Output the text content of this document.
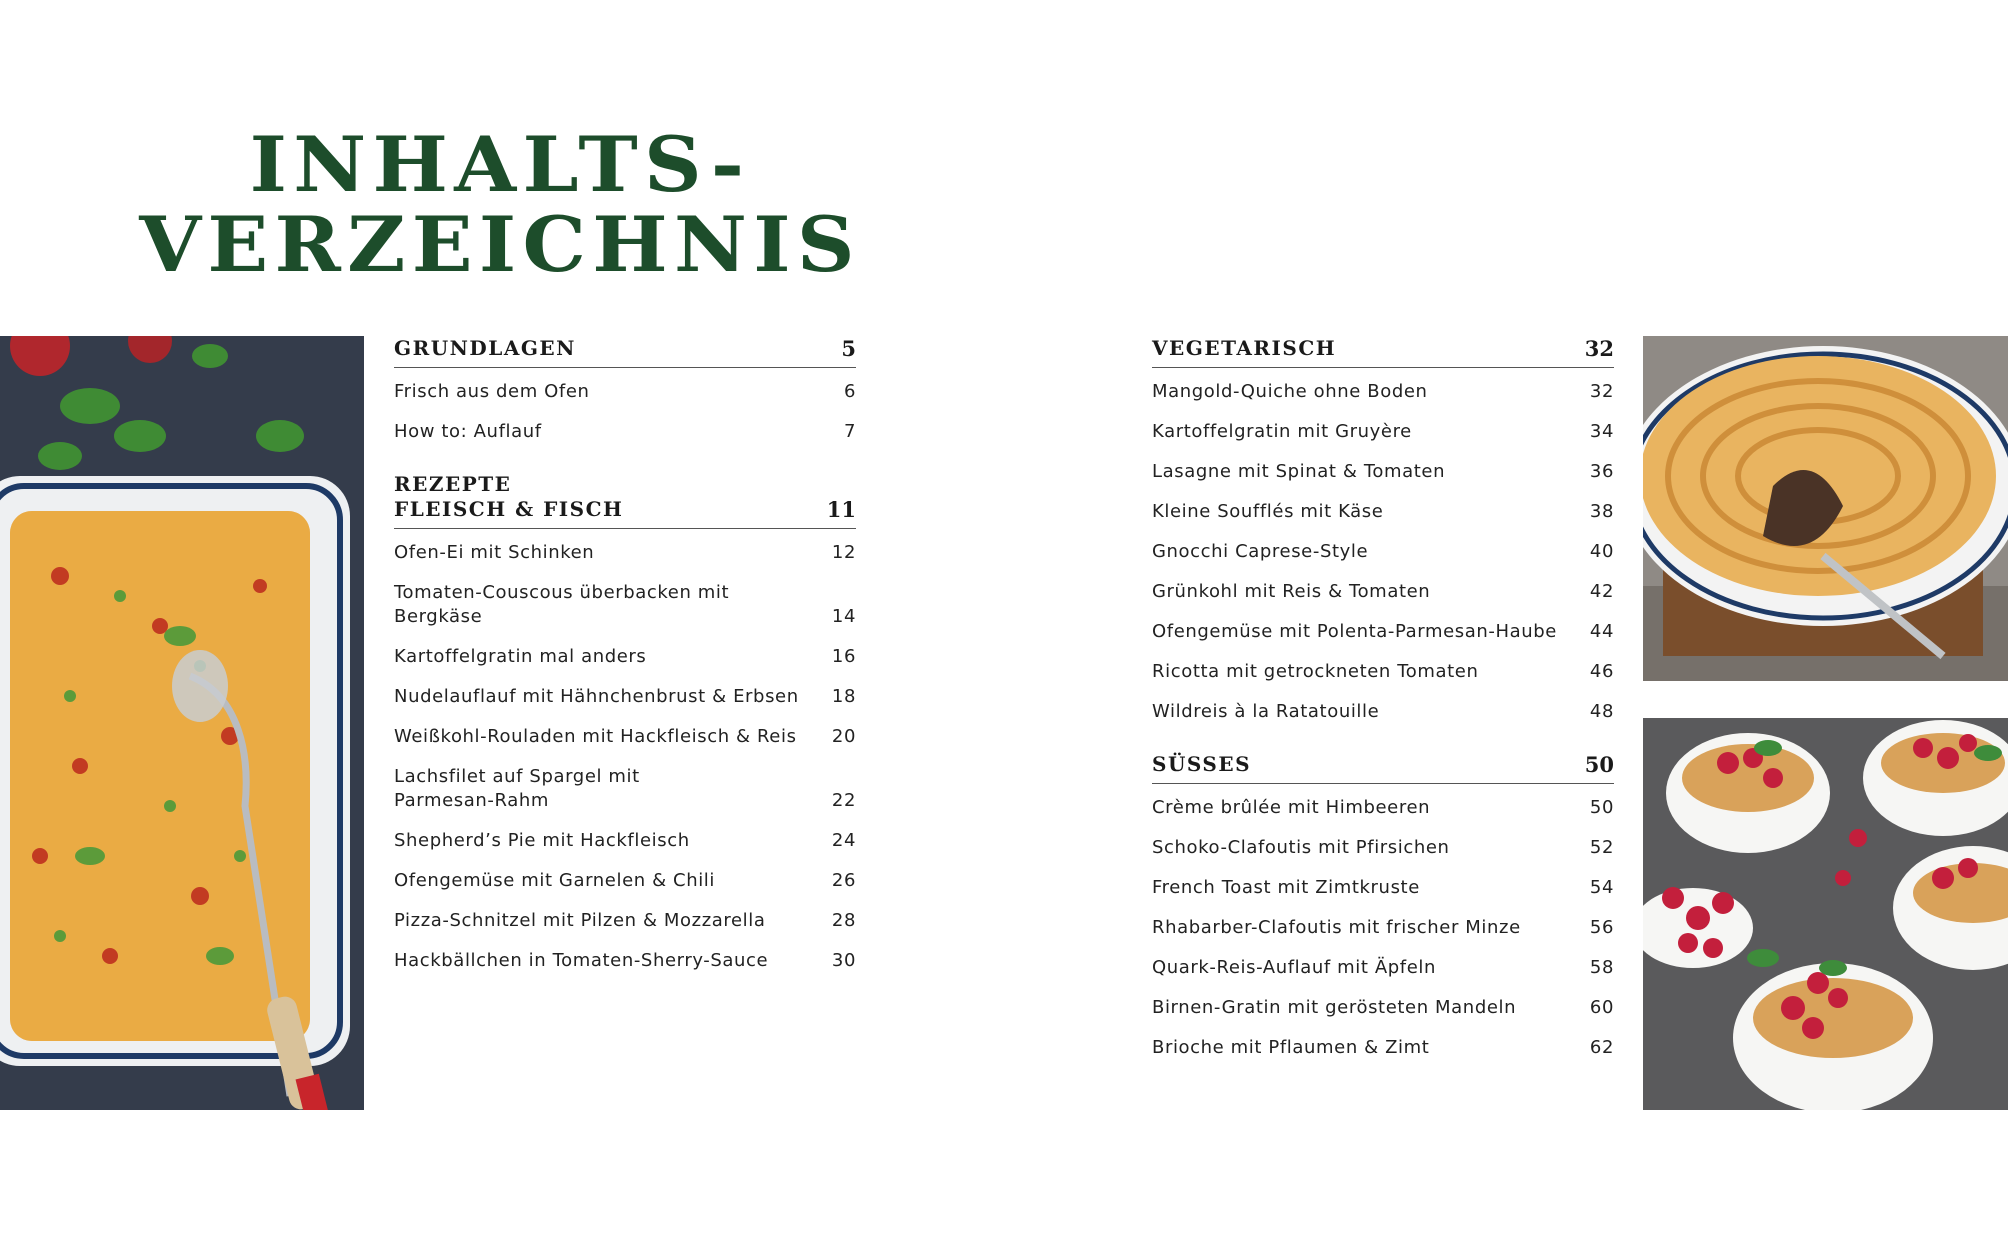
INHALTS-
VERZEICHNIS
GRUNDLAGEN	5
Frisch aus dem Ofen	6
How to: Auflauf	7
REZEPTE
FLEISCH & FISCH	11
Ofen-Ei mit Schinken	12
Tomaten-Couscous überbacken mit Bergkäse	14
Kartoffelgratin mal anders	16
Nudelauflauf mit Hähnchenbrust & Erbsen	18
Weißkohl-Rouladen mit Hackfleisch & Reis	20
Lachsfilet auf Spargel mit
Parmesan-Rahm	22
Shepherd’s Pie mit Hackfleisch	24
Ofengemüse mit Garnelen & Chili	26
Pizza-Schnitzel mit Pilzen & Mozzarella	28
Hackbällchen in Tomaten-Sherry-Sauce	30
VEGETARISCH	32
Mangold-Quiche ohne Boden	32
Kartoffelgratin mit Gruyère	34
Lasagne mit Spinat & Tomaten	36
Kleine Soufflés mit Käse	38
Gnocchi Caprese-Style	40
Grünkohl mit Reis & Tomaten	42
Ofengemüse mit Polenta-Parmesan-Haube	44
Ricotta mit getrockneten Tomaten	46
Wildreis à la Ratatouille	48
SÜSSES	50
Crème brûlée mit Himbeeren	50
Schoko-Clafoutis mit Pfirsichen	52
French Toast mit Zimtkruste	54
Rhabarber-Clafoutis mit frischer Minze	56
Quark-Reis-Auflauf mit Äpfeln	58
Birnen-Gratin mit gerösteten Mandeln	60
Brioche mit Pflaumen & Zimt	62
